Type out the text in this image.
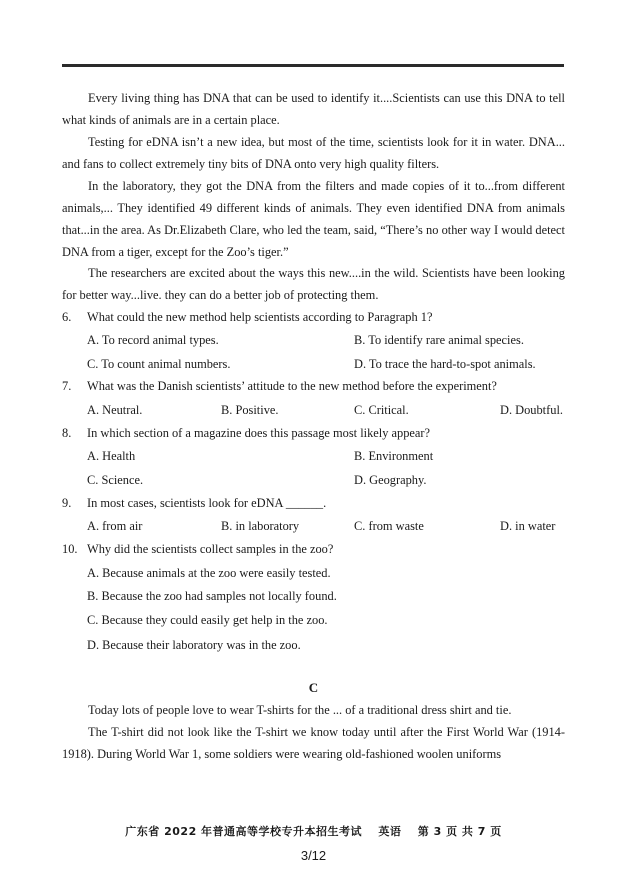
Every living thing has DNA that can be used to identify it....Scientists can use this DNA to tell what kinds of animals are in a certain place.

Testing for eDNA isn’t a new idea, but most of the time, scientists look for it in water. DNA... and fans to collect extremely tiny bits of DNA onto very high quality filters.

In the laboratory, they got the DNA from the filters and made copies of it to...from different animals,... They identified 49 different kinds of animals. They even identified DNA from animals that...in the area. As Dr.Elizabeth Clare, who led the team, said, “There’s no other way I would detect DNA from a tiger, except for the Zoo’s tiger.”

The researchers are excited about the ways this new....in the wild. Scientists have been looking for better way...live. they can do a better job of protecting them.

6. What could the new method help scientists according to Paragraph 1?

A. To record animal types.	B. To identify rare animal species.

C. To count animal numbers.	D. To trace the hard-to-spot animals.

7. What was the Danish scientists’ attitude to the new method before the experiment?

A. Neutral.	B. Positive.	C. Critical.	D. Doubtful.

8. In which section of a magazine does this passage most likely appear?

A. Health	B. Environment

C. Science.	D. Geography.

9. In most cases, scientists look for eDNA ______.

A. from air	B. in laboratory	C. from waste	D. in water

10. Why did the scientists collect samples in the zoo?

A. Because animals at the zoo were easily tested.

B. Because the zoo had samples not locally found.

C. Because they could easily get help in the zoo.

D. Because their laboratory was in the zoo.

C

Today lots of people love to wear T-shirts for the ... of a traditional dress shirt and tie.

The T-shirt did not look like the T-shirt we know today until after the First World War (1914-1918). During World War 1, some soldiers were wearing old-fashioned woolen uniforms

广东省 2022 年普通高等学校专升本招生考试 英语 第 3 页 共 7 页
3/12
